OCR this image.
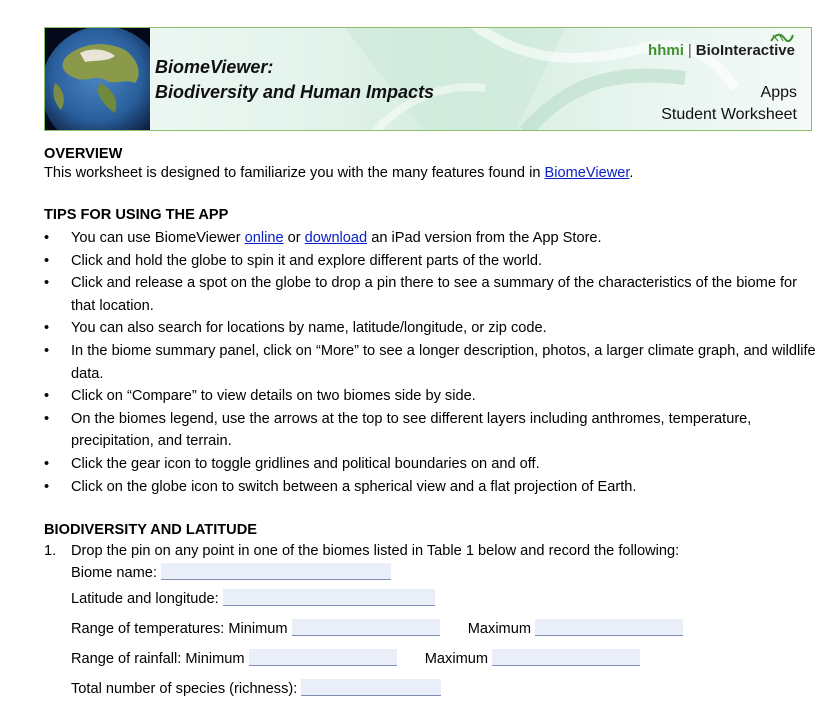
BiomeViewer:
Biodiversity and Human Impacts
hhmi | BioInteractive
Apps
Student Worksheet
OVERVIEW
This worksheet is designed to familiarize you with the many features found in BiomeViewer.
TIPS FOR USING THE APP
• You can use BiomeViewer online or download an iPad version from the App Store.
• Click and hold the globe to spin it and explore different parts of the world.
• Click and release a spot on the globe to drop a pin there to see a summary of the characteristics of the biome for that location.
• You can also search for locations by name, latitude/longitude, or zip code.
• In the biome summary panel, click on “More” to see a longer description, photos, a larger climate graph, and wildlife data.
• Click on “Compare” to view details on two biomes side by side.
• On the biomes legend, use the arrows at the top to see different layers including anthromes, temperature, precipitation, and terrain.
• Click the gear icon to toggle gridlines and political boundaries on and off.
• Click on the globe icon to switch between a spherical view and a flat projection of Earth.
BIODIVERSITY AND LATITUDE
1. Drop the pin on any point in one of the biomes listed in Table 1 below and record the following:
Biome name:
Latitude and longitude:
Range of temperatures: Minimum	Maximum
Range of rainfall: Minimum	Maximum
Total number of species (richness):
